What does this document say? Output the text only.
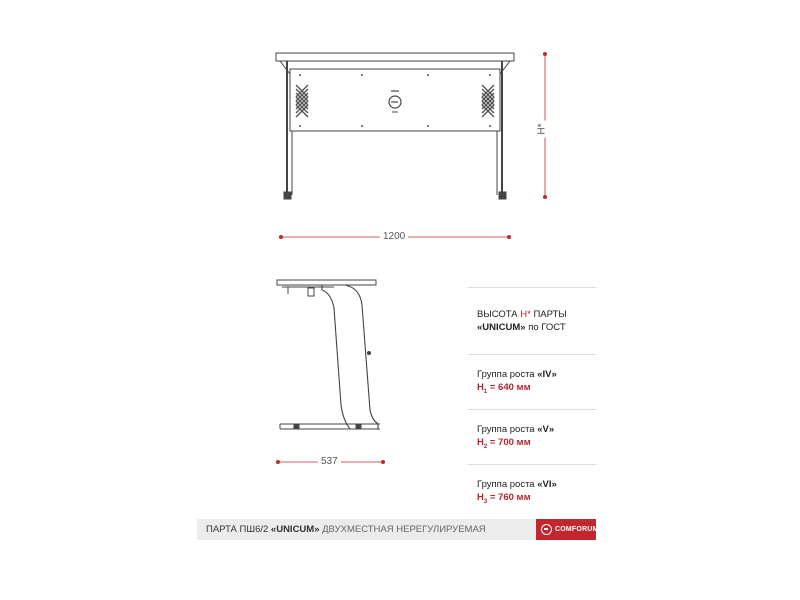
1200
537
H*
ВЫСОТА H* ПАРТЫ
«UNICUM» по ГОСТ
Группа роста «IV»
$H_1 = 640$ мм
Группа роста «V»
$H_2 = 700$ мм
Группа роста «VI»
$H_3 = 760$ мм
ПАРТА ПШ6/2 «UNICUM» ДВУХМЕСТНАЯ НЕРЕГУЛИРУЕМАЯ	COMFORUM
